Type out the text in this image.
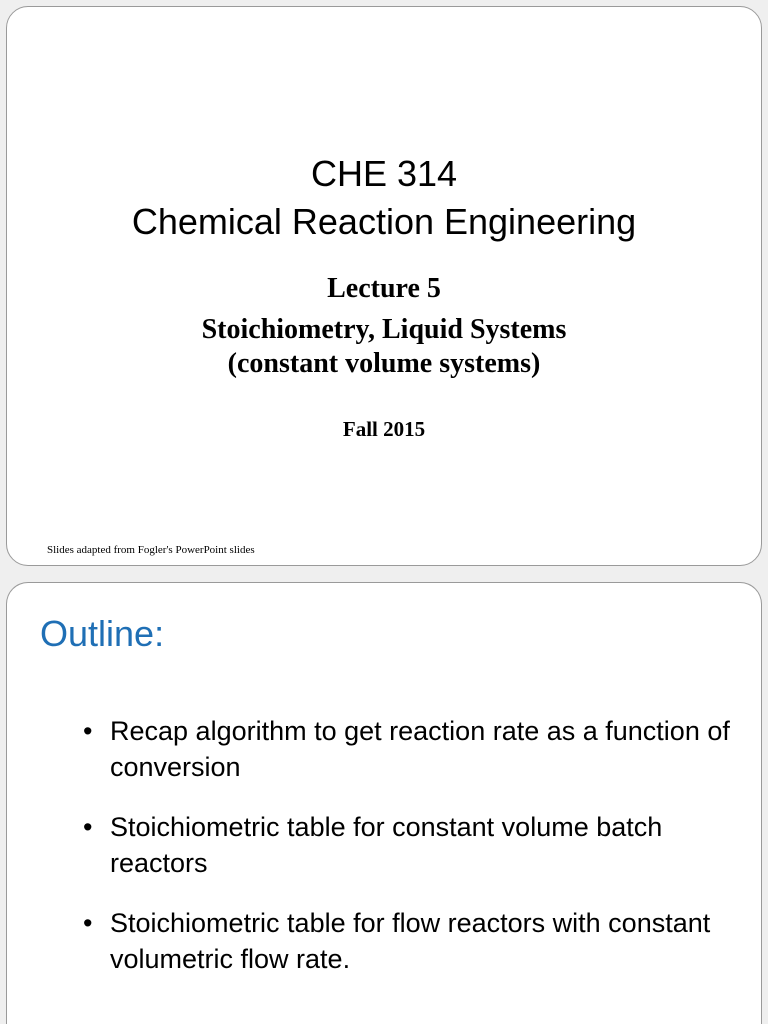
CHE 314
Chemical Reaction Engineering
Lecture 5
Stoichiometry, Liquid Systems
(constant volume systems)
Fall 2015
Slides adapted from Fogler's PowerPoint slides
Outline:
• Recap algorithm to get reaction rate as a function of conversion
• Stoichiometric table for constant volume batch reactors
• Stoichiometric table for flow reactors with constant volumetric flow rate.
